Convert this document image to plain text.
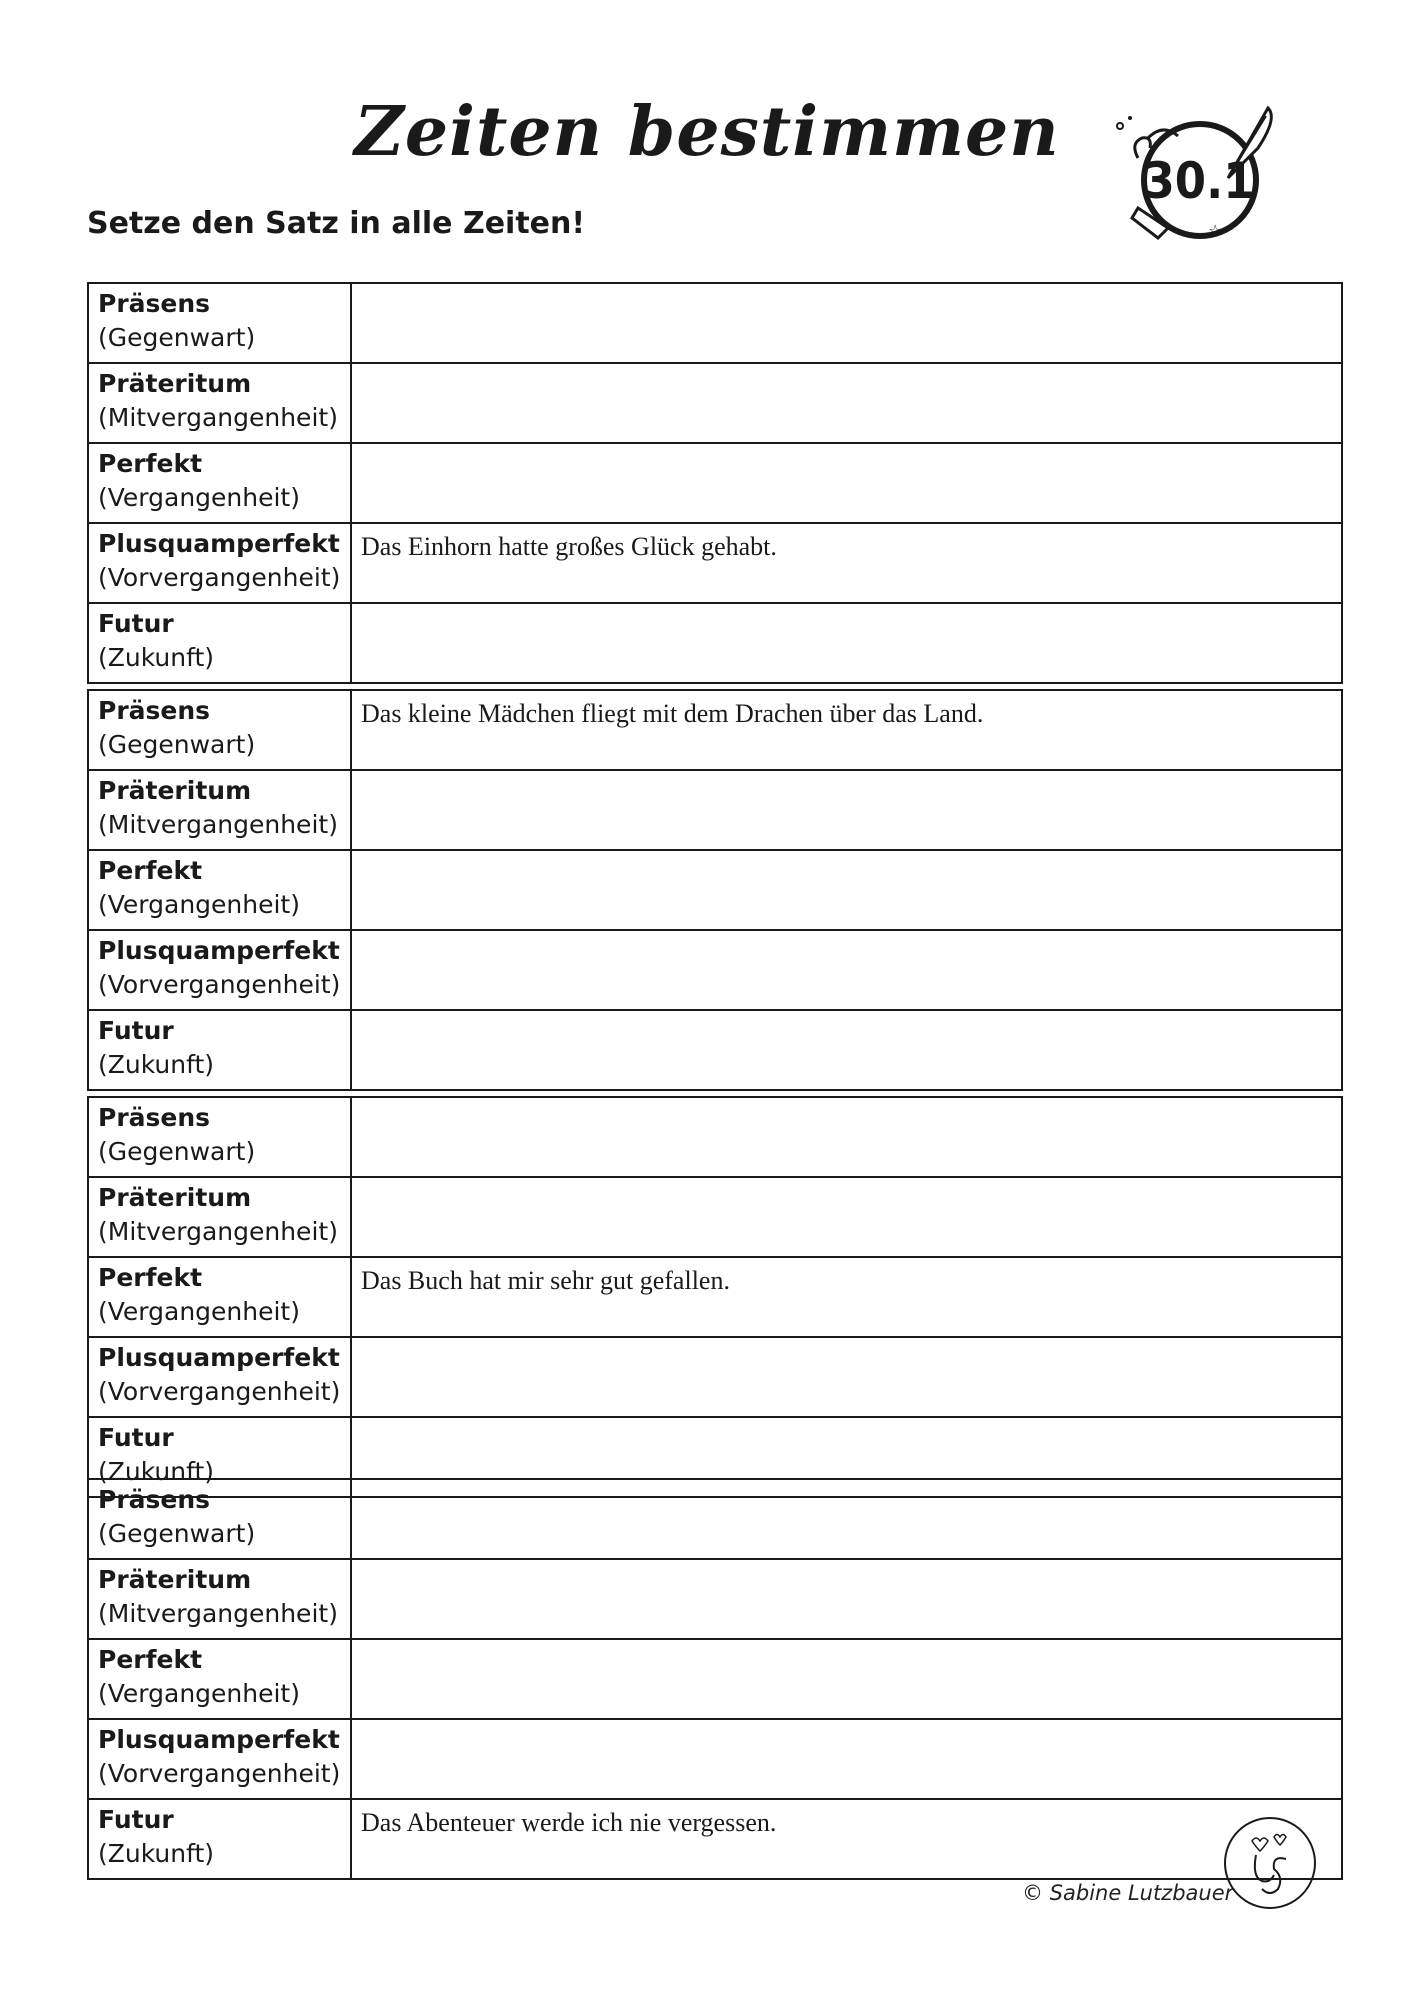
Zeiten bestimmen
☆
30.1
Setze den Satz in alle Zeiten!
Präsens
(Gegenwart)	

Präteritum
(Mitvergangenheit)	

Perfekt
(Vergangenheit)	

Plusquamperfekt
(Vorvergangenheit)	Das Einhorn hatte großes Glück gehabt.

Futur
(Zukunft)	

Präsens
(Gegenwart)	Das kleine Mädchen fliegt mit dem Drachen über das Land.

Präteritum
(Mitvergangenheit)	

Perfekt
(Vergangenheit)	

Plusquamperfekt
(Vorvergangenheit)	

Futur
(Zukunft)	

Präsens
(Gegenwart)	

Präteritum
(Mitvergangenheit)	

Perfekt
(Vergangenheit)	Das Buch hat mir sehr gut gefallen.

Plusquamperfekt
(Vorvergangenheit)	

Futur
(Zukunft)	

Präsens
(Gegenwart)	

Präteritum
(Mitvergangenheit)	

Perfekt
(Vergangenheit)	

Plusquamperfekt
(Vorvergangenheit)	

Futur
(Zukunft)	Das Abenteuer werde ich nie vergessen.
© Sabine Lutzbauer
